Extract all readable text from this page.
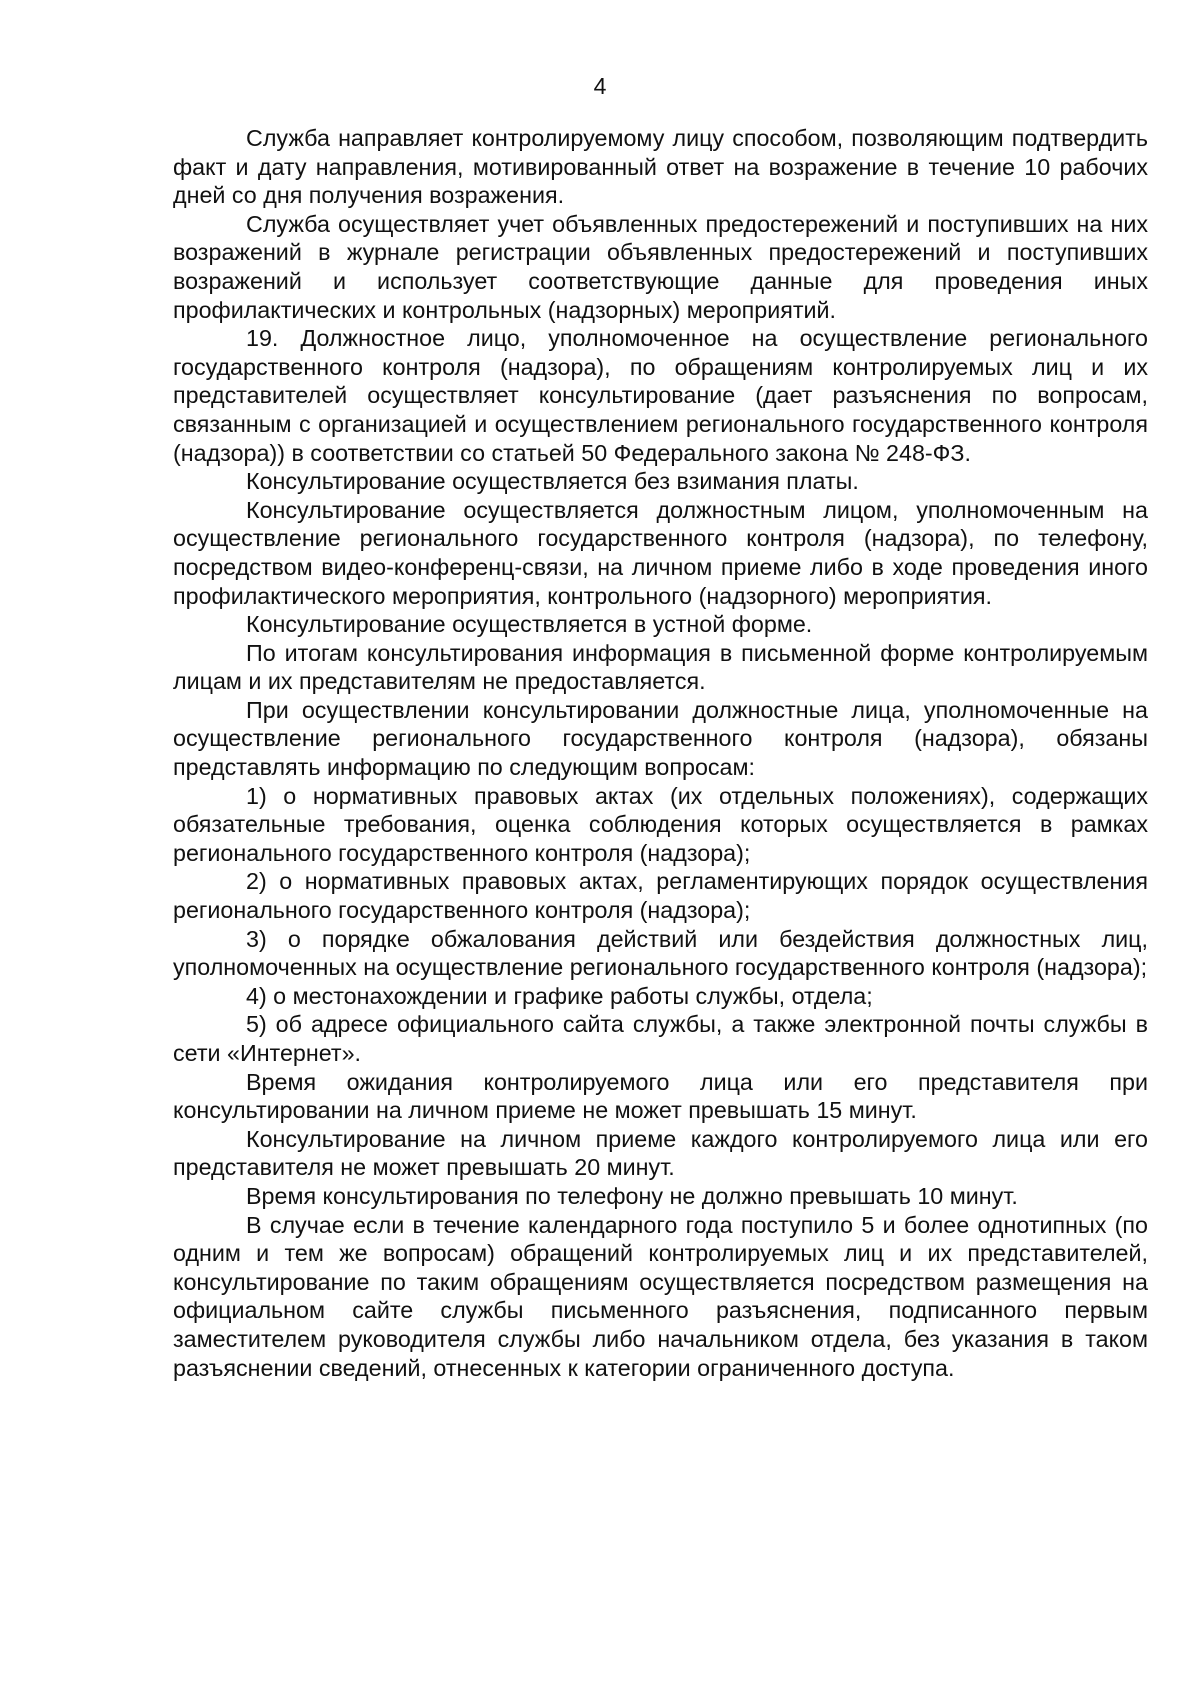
4

Служба направляет контролируемому лицу способом, позволяющим подтвердить факт и дату направления, мотивированный ответ на возражение в течение 10 рабочих дней со дня получения возражения.

Служба осуществляет учет объявленных предостережений и поступивших на них возражений в журнале регистрации объявленных предостережений и поступивших возражений и использует соответствующие данные для проведения иных профилактических и контрольных (надзорных) мероприятий.

19. Должностное лицо, уполномоченное на осуществление регионального государственного контроля (надзора), по обращениям контролируемых лиц и их представителей осуществляет консультирование (дает разъяснения по вопросам, связанным с организацией и осуществлением регионального государственного контроля (надзора)) в соответствии со статьей 50 Федерального закона № 248-ФЗ.

Консультирование осуществляется без взимания платы.

Консультирование осуществляется должностным лицом, уполномоченным на осуществление регионального государственного контроля (надзора), по телефону, посредством видео-конференц-связи, на личном приеме либо в ходе проведения иного профилактического мероприятия, контрольного (надзорного) мероприятия.

Консультирование осуществляется в устной форме.

По итогам консультирования информация в письменной форме контролируемым лицам и их представителям не предоставляется.

При осуществлении консультировании должностные лица, уполномоченные на осуществление регионального государственного контроля (надзора), обязаны представлять информацию по следующим вопросам:

1) о нормативных правовых актах (их отдельных положениях), содержащих обязательные требования, оценка соблюдения которых осуществляется в рамках регионального государственного контроля (надзора);

2) о нормативных правовых актах, регламентирующих порядок осуществления регионального государственного контроля (надзора);

3) о порядке обжалования действий или бездействия должностных лиц, уполномоченных на осуществление регионального государственного контроля (надзора);

4) о местонахождении и графике работы службы, отдела;

5) об адресе официального сайта службы, а также электронной почты службы в сети «Интернет».

Время ожидания контролируемого лица или его представителя при консультировании на личном приеме не может превышать 15 минут.

Консультирование на личном приеме каждого контролируемого лица или его представителя не может превышать 20 минут.

Время консультирования по телефону не должно превышать 10 минут.

В случае если в течение календарного года поступило 5 и более однотипных (по одним и тем же вопросам) обращений контролируемых лиц и их представителей, консультирование по таким обращениям осуществляется посредством размещения на официальном сайте службы письменного разъяснения, подписанного первым заместителем руководителя службы либо начальником отдела, без указания в таком разъяснении сведений, отнесенных к категории ограниченного доступа.
